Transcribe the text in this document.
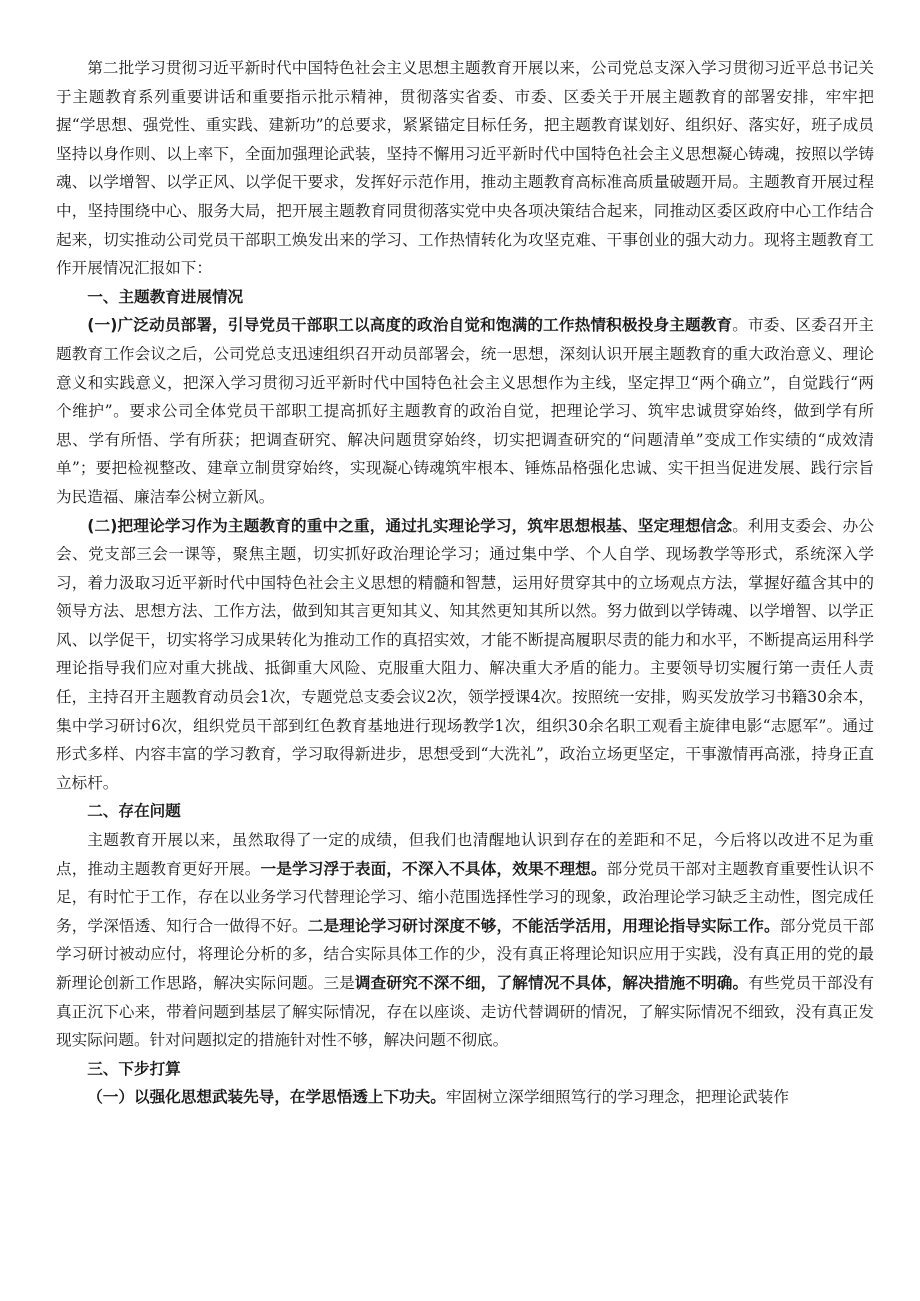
第二批学习贯彻习近平新时代中国特色社会主义思想主题教育开展以来，公司党总支深入学习贯彻习近平总书记关于主题教育系列重要讲话和重要指示批示精神，贯彻落实省委、市委、区委关于开展主题教育的部署安排，牢牢把握“学思想、强党性、重实践、建新功”的总要求，紧紧锚定目标任务，把主题教育谋划好、组织好、落实好，班子成员坚持以身作则、以上率下，全面加强理论武装，坚持不懈用习近平新时代中国特色社会主义思想凝心铸魂，按照以学铸魂、以学增智、以学正风、以学促干要求，发挥好示范作用，推动主题教育高标准高质量破题开局。主题教育开展过程中，坚持围绕中心、服务大局，把开展主题教育同贯彻落实党中央各项决策结合起来，同推动区委区政府中心工作结合起来，切实推动公司党员干部职工焕发出来的学习、工作热情转化为攻坚克难、干事创业的强大动力。现将主题教育工作开展情况汇报如下：

一、主题教育进展情况

(一)广泛动员部署，引导党员干部职工以高度的政治自觉和饱满的工作热情积极投身主题教育。市委、区委召开主题教育工作会议之后，公司党总支迅速组织召开动员部署会，统一思想，深刻认识开展主题教育的重大政治意义、理论意义和实践意义，把深入学习贯彻习近平新时代中国特色社会主义思想作为主线，坚定捍卫“两个确立”，自觉践行“两个维护”。要求公司全体党员干部职工提高抓好主题教育的政治自觉，把理论学习、筑牢忠诚贯穿始终，做到学有所思、学有所悟、学有所获；把调查研究、解决问题贯穿始终，切实把调查研究的“问题清单”变成工作实绩的“成效清单”；要把检视整改、建章立制贯穿始终，实现凝心铸魂筑牢根本、锤炼品格强化忠诚、实干担当促进发展、践行宗旨为民造福、廉洁奉公树立新风。

(二)把理论学习作为主题教育的重中之重，通过扎实理论学习，筑牢思想根基、坚定理想信念。利用支委会、办公会、党支部三会一课等，聚焦主题，切实抓好政治理论学习；通过集中学、个人自学、现场教学等形式，系统深入学习，着力汲取习近平新时代中国特色社会主义思想的精髓和智慧，运用好贯穿其中的立场观点方法，掌握好蕴含其中的领导方法、思想方法、工作方法，做到知其言更知其义、知其然更知其所以然。努力做到以学铸魂、以学增智、以学正风、以学促干，切实将学习成果转化为推动工作的真招实效，才能不断提高履职尽责的能力和水平，不断提高运用科学理论指导我们应对重大挑战、抵御重大风险、克服重大阻力、解决重大矛盾的能力。主要领导切实履行第一责任人责任，主持召开主题教育动员会1次，专题党总支委会议2次，领学授课4次。按照统一安排，购买发放学习书籍30余本，集中学习研讨6次，组织党员干部到红色教育基地进行现场教学1次，组织30余名职工观看主旋律电影“志愿军”。通过形式多样、内容丰富的学习教育，学习取得新进步，思想受到“大洗礼”，政治立场更坚定，干事激情再高涨，持身正直立标杆。

二、存在问题

主题教育开展以来，虽然取得了一定的成绩，但我们也清醒地认识到存在的差距和不足，今后将以改进不足为重点，推动主题教育更好开展。一是学习浮于表面，不深入不具体，效果不理想。部分党员干部对主题教育重要性认识不足，有时忙于工作，存在以业务学习代替理论学习、缩小范围选择性学习的现象，政治理论学习缺乏主动性，图完成任务，学深悟透、知行合一做得不好。二是理论学习研讨深度不够，不能活学活用，用理论指导实际工作。部分党员干部学习研讨被动应付，将理论分析的多，结合实际具体工作的少，没有真正将理论知识应用于实践，没有真正用的党的最新理论创新工作思路，解决实际问题。三是调查研究不深不细，了解情况不具体，解决措施不明确。有些党员干部没有真正沉下心来，带着问题到基层了解实际情况，存在以座谈、走访代替调研的情况，了解实际情况不细致，没有真正发现实际问题。针对问题拟定的措施针对性不够，解决问题不彻底。

三、下步打算

（一）以强化思想武装先导，在学思悟透上下功夫。牢固树立深学细照笃行的学习理念，把理论武装作
